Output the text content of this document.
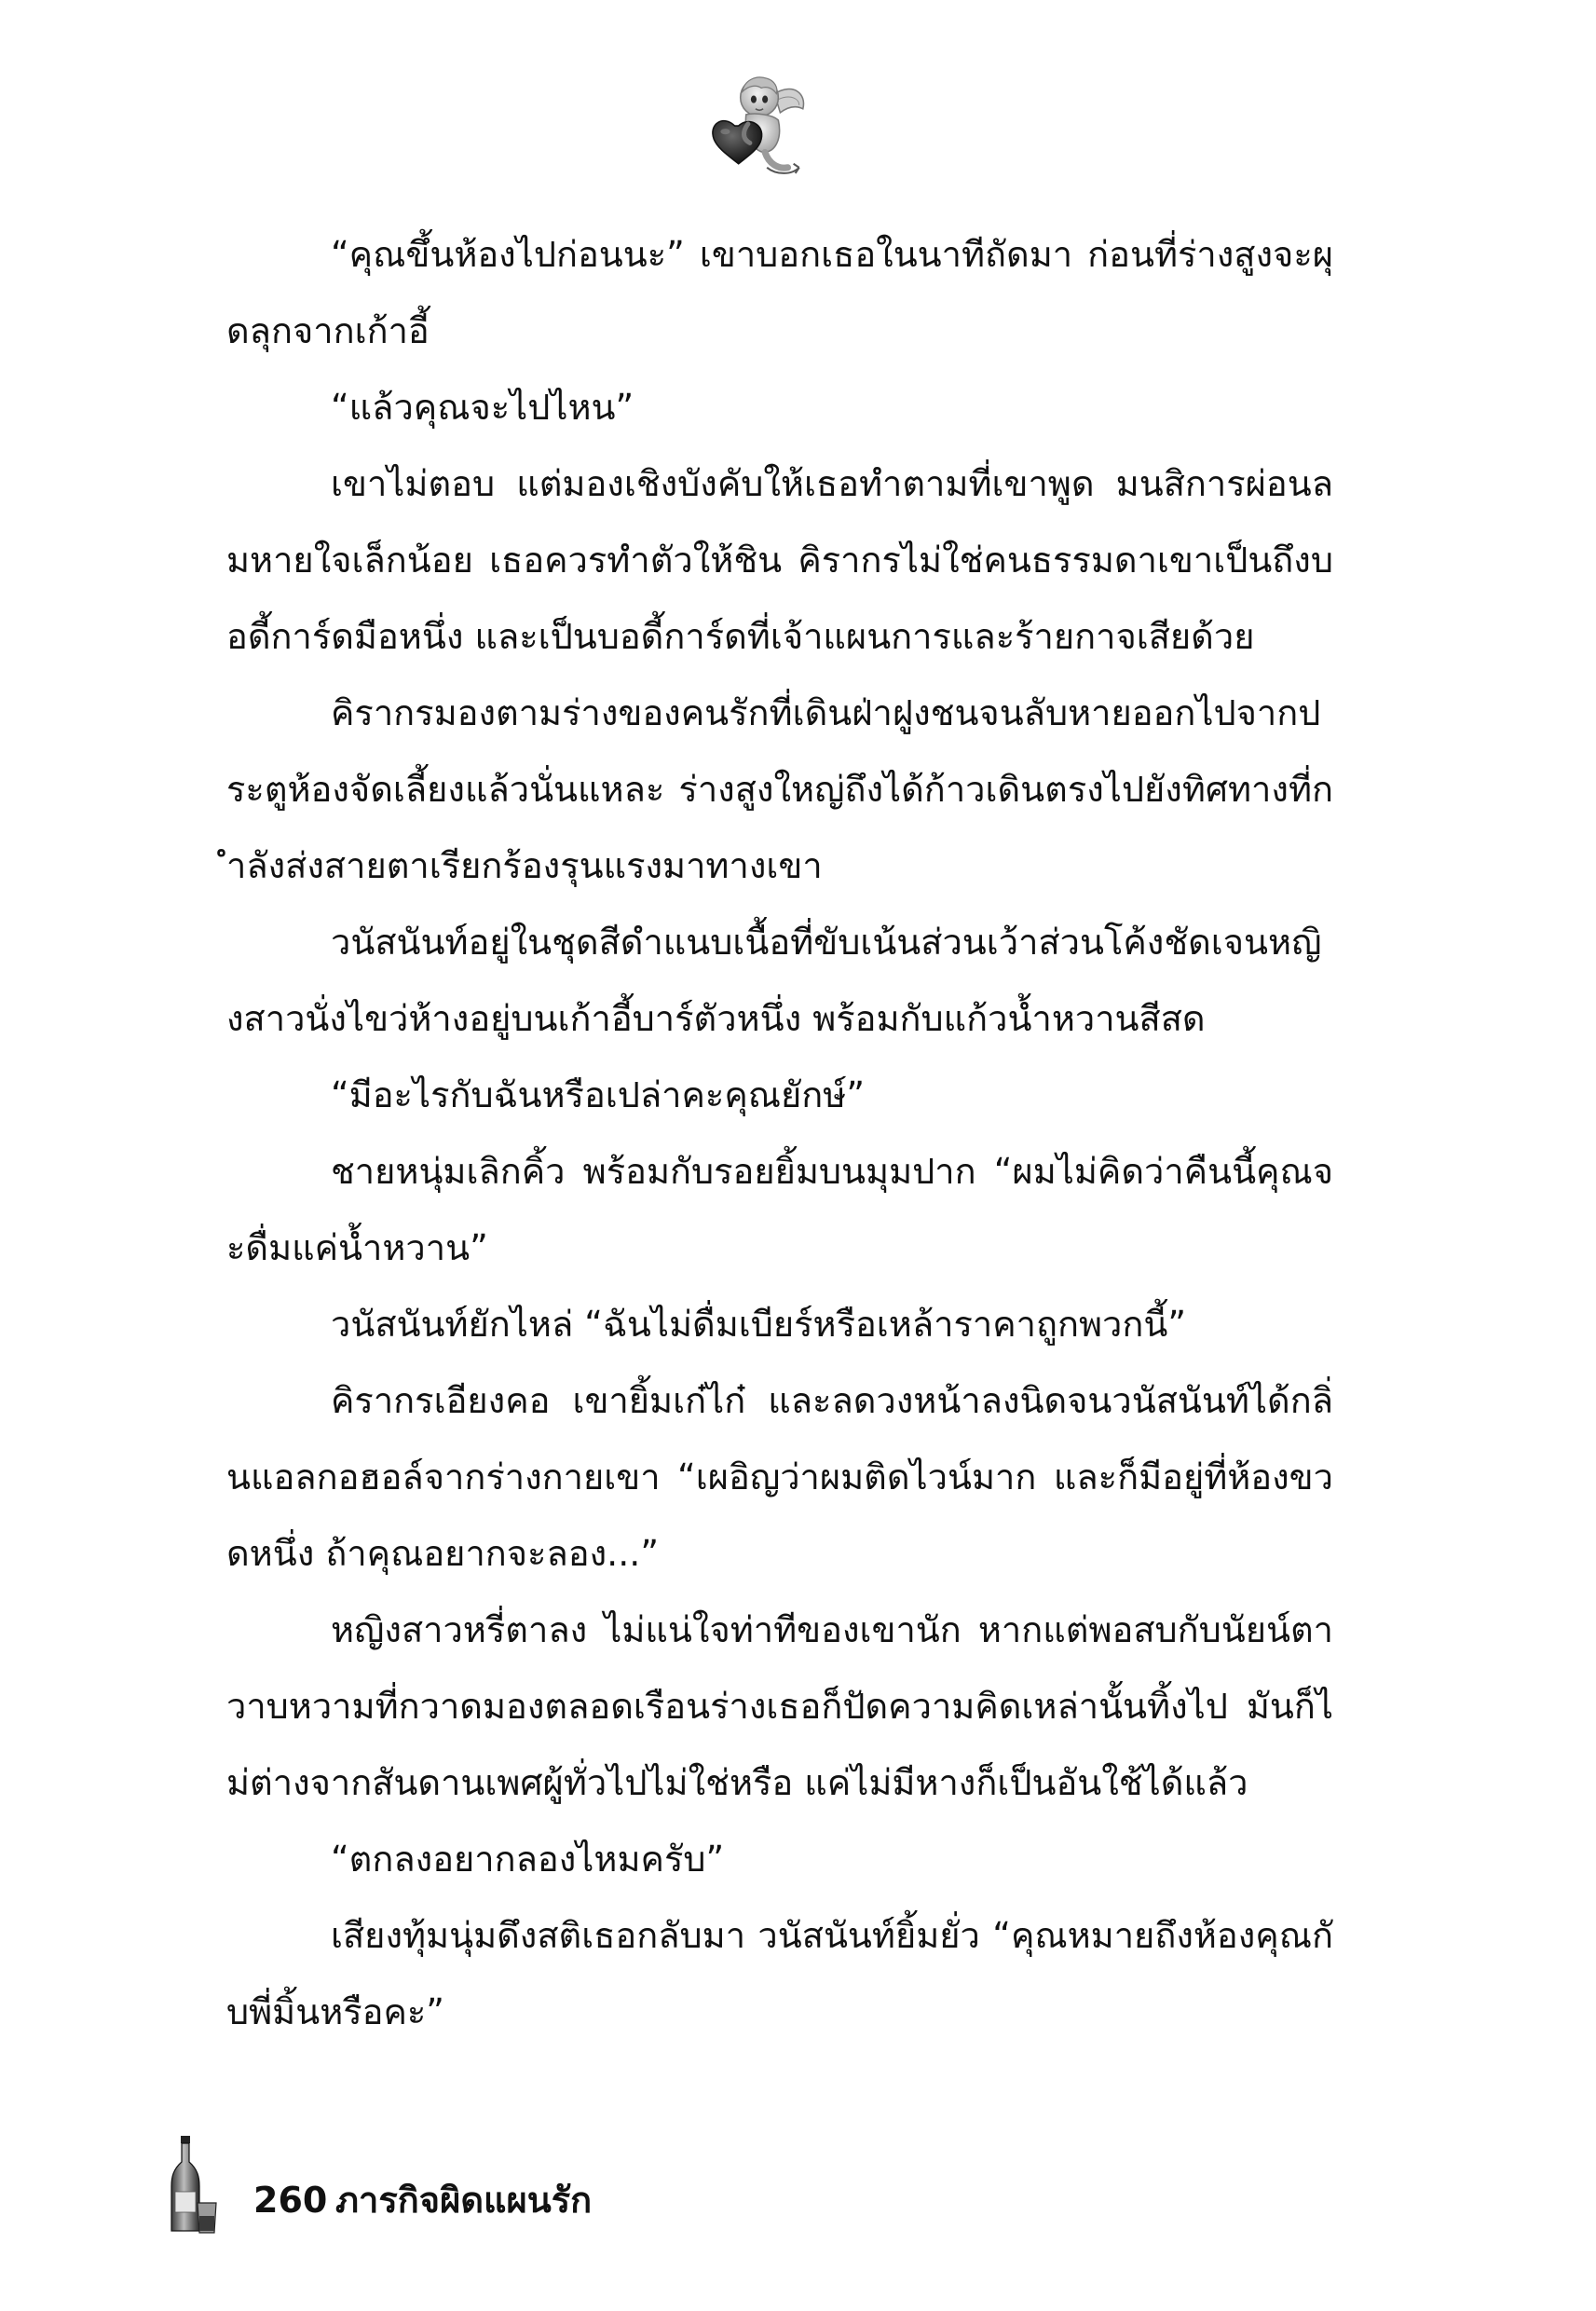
“คุณขึ้นห้องไปก่อนนะ” เขาบอกเธอในนาทีถัดมา ก่อนที่ร่างสูงจะผุดลุกจากเก้าอี้

“แล้วคุณจะไปไหน”

เขาไม่ตอบ แต่มองเชิงบังคับให้เธอทำตามที่เขาพูด มนสิการผ่อนลมหายใจเล็กน้อย เธอควรทำตัวให้ชิน คิรากรไม่ใช่คนธรรมดาเขาเป็นถึงบอดี้การ์ดมือหนึ่ง และเป็นบอดี้การ์ดที่เจ้าแผนการและร้ายกาจเสียด้วย

คิรากรมองตามร่างของคนรักที่เดินฝ่าฝูงชนจนลับหายออกไปจากประตูห้องจัดเลี้ยงแล้วนั่นแหละ ร่างสูงใหญ่ถึงได้ก้าวเดินตรงไปยังทิศทางที่กำลังส่งสายตาเรียกร้องรุนแรงมาทางเขา

วนัสนันท์อยู่ในชุดสีดำแนบเนื้อที่ขับเน้นส่วนเว้าส่วนโค้งชัดเจนหญิงสาวนั่งไขว่ห้างอยู่บนเก้าอี้บาร์ตัวหนึ่ง พร้อมกับแก้วน้ำหวานสีสด

“มีอะไรกับฉันหรือเปล่าคะคุณยักษ์”

ชายหนุ่มเลิกคิ้ว พร้อมกับรอยยิ้มบนมุมปาก “ผมไม่คิดว่าคืนนี้คุณจะดื่มแค่น้ำหวาน”

วนัสนันท์ยักไหล่ “ฉันไม่ดื่มเบียร์หรือเหล้าราคาถูกพวกนี้”

คิรากรเอียงคอ เขายิ้มเก๋ไก๋ และลดวงหน้าลงนิดจนวนัสนันท์ได้กลิ่นแอลกอฮอล์จากร่างกายเขา “เผอิญว่าผมติดไวน์มาก และก็มีอยู่ที่ห้องขวดหนึ่ง ถ้าคุณอยากจะลอง...”

หญิงสาวหรี่ตาลง ไม่แน่ใจท่าทีของเขานัก หากแต่พอสบกับนัยน์ตาวาบหวามที่กวาดมองตลอดเรือนร่างเธอก็ปัดความคิดเหล่านั้นทิ้งไป มันก็ไม่ต่างจากสันดานเพศผู้ทั่วไปไม่ใช่หรือ แค่ไม่มีหางก็เป็นอันใช้ได้แล้ว

“ตกลงอยากลองไหมครับ”

เสียงทุ้มนุ่มดึงสติเธอกลับมา วนัสนันท์ยิ้มยั่ว “คุณหมายถึงห้องคุณกับพี่มิ้นหรือคะ”

260 ภารกิจผิดแผนรัก
